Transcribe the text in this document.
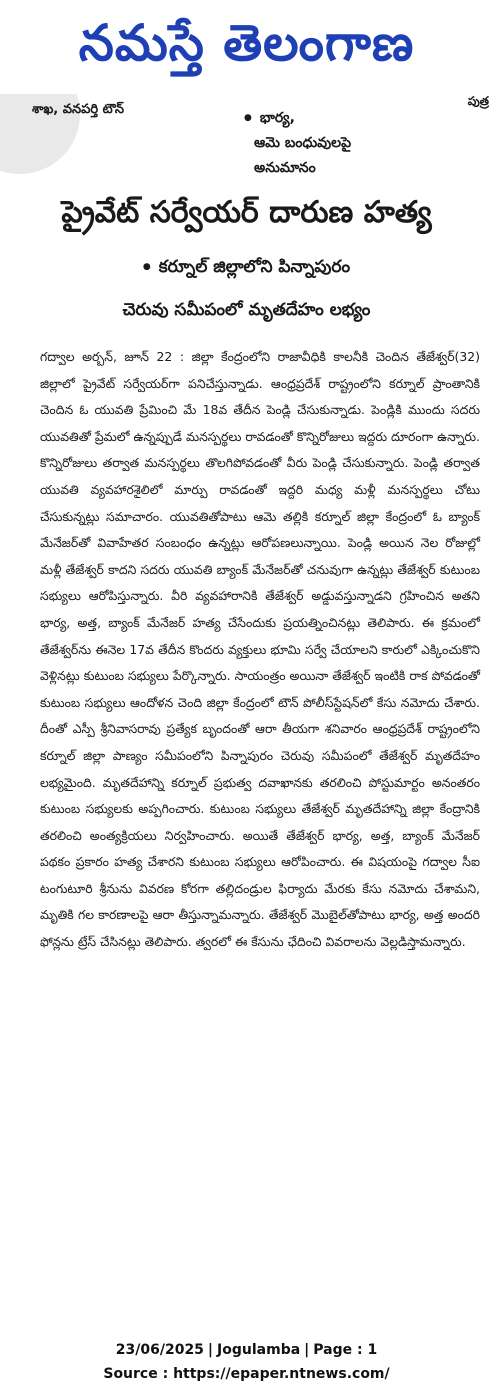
నమస్తే తెలంగాణ
శాఖ, వనపర్తి టౌన్
పుత్ర
● భార్య,
ఆమె బంధువులపై
అనుమానం
ప్రైవేట్ సర్వేయర్ దారుణ హత్య
● కర్నూల్ జిల్లాలోని పిన్నాపురం
చెరువు సమీపంలో మృతదేహం లభ్యం

గద్వాల అర్బన్, జూన్ 22 : జిల్లా కేంద్రంలోని రాజావీధికి కాలనీకి చెందిన తేజేశ్వర్(32) జిల్లాలో ప్రైవేట్ సర్వేయర్‌గా పనిచేస్తున్నాడు. ఆంధ్రప్రదేశ్ రాష్ట్రంలోని కర్నూల్ ప్రాంతానికి చెందిన ఓ యువతి ప్రేమించి మే 18వ తేదీన పెండ్లి చేసుకున్నాడు. పెండ్లికి ముందు సదరు యువతితో ప్రేమలో ఉన్నప్పుడే మనస్పర్థలు రావడంతో కొన్నిరోజులు ఇద్దరు దూరంగా ఉన్నారు. కొన్నిరోజులు తర్వాత మనస్పర్థలు తొలగిపోవడంతో వీరు పెండ్లి చేసుకున్నారు. పెండ్లి తర్వాత యువతి వ్యవహారశైలిలో మార్పు రావడంతో ఇద్దరి మధ్య మళ్లీ మనస్పర్థలు చోటు చేసుకున్నట్లు సమాచారం. యువతితోపాటు ఆమె తల్లికి కర్నూల్ జిల్లా కేంద్రంలో ఓ బ్యాంక్ మేనేజర్‌తో వివాహేతర సంబంధం ఉన్నట్లు ఆరోపణలున్నాయి. పెండ్లి అయిన నెల రోజుల్లో మళ్లీ తేజేశ్వర్ కాదని సదరు యువతి బ్యాంక్ మేనేజర్‌తో చనువుగా ఉన్నట్లు తేజేశ్వర్ కుటుంబ సభ్యులు ఆరోపిస్తున్నారు. వీరి వ్యవహారానికి తేజేశ్వర్ అడ్డువస్తున్నాడని గ్రహించిన అతని భార్య, అత్త, బ్యాంక్ మేనేజర్ హత్య చేసేందుకు ప్రయత్నించినట్లు తెలిపారు. ఈ క్రమంలో తేజేశ్వర్‌ను ఈనెల 17వ తేదీన కొందరు వ్యక్తులు భూమి సర్వే చేయాలని కారులో ఎక్కించుకొని వెళ్లినట్లు కుటుంబ సభ్యులు పేర్కొన్నారు. సాయంత్రం అయినా తేజేశ్వర్ ఇంటికి రాక పోవడంతో కుటుంబ సభ్యులు ఆందోళన చెంది జిల్లా కేంద్రంలో టౌన్ పోలీస్‌స్టేషన్‌లో కేసు నమోదు చేశారు. దీంతో ఎస్పీ శ్రీనివాసరావు ప్రత్యేక బృందంతో ఆరా తీయగా శనివారం ఆంధ్రప్రదేశ్ రాష్ట్రంలోని కర్నూల్ జిల్లా పాణ్యం సమీపంలోని పిన్నాపురం చెరువు సమీపంలో తేజేశ్వర్ మృతదేహం లభ్యమైంది. మృతదేహాన్ని కర్నూల్ ప్రభుత్వ దవాఖానకు తరలించి పోస్టుమార్టం అనంతరం కుటుంబ సభ్యులకు అప్పగించారు. కుటుంబ సభ్యులు తేజేశ్వర్ మృతదేహాన్ని జిల్లా కేంద్రానికి తరలించి అంత్యక్రియలు నిర్వహించారు. అయితే తేజేశ్వర్ భార్య, అత్త, బ్యాంక్ మేనేజర్ పథకం ప్రకారం హత్య చేశారని కుటుంబ సభ్యులు ఆరోపించారు. ఈ విషయంపై గద్వాల సీఐ టంగుటూరి శ్రీనును వివరణ కోరగా తల్లిదండ్రుల ఫిర్యాదు మేరకు కేసు నమోదు చేశామని, మృతికి గల కారణాలపై ఆరా తీస్తున్నామన్నారు. తేజేశ్వర్ మొబైల్‌తోపాటు భార్య, అత్త అందరి ఫోన్లను ట్రేస్ చేసినట్లు తెలిపారు. త్వరలో ఈ కేసును ఛేదించి వివరాలను వెల్లడిస్తామన్నారు.

23/06/2025 | Jogulamba | Page : 1
Source : https://epaper.ntnews.com/
